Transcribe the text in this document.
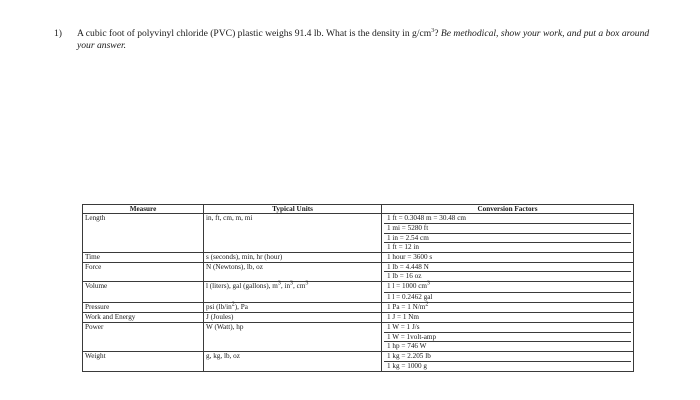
1) A cubic foot of polyvinyl chloride (PVC) plastic weighs 91.4 lb. What is the density in $g/cm^3$? Be methodical, show your work, and put a box around your answer.
Measure	Typical Units	Conversion Factors
Length	in, ft, cm, m, mi	1 ft = 0.3048 m = 30.48 cm
1 mi = 5280 ft
1 in = 2.54 cm
1 ft = 12 in

Time	s (seconds), min, hr (hour)	1 hour = 3600 s

Force	N (Newtons), lb, oz	1 lb = 4.448 N
1 lb = 16 oz

Volume	l (liters), gal (gallons), $m^3$, $in^3$, $cm^3$	1 l = 1000 $cm^3$
1 l = 0.2462 gal

Pressure	psi $(lb/in^2)$, Pa	1 Pa = 1 $N/m^2$

Work and Energy	J (Joules)	1 J = 1 Nm

Power	W (Watt), hp	1 W = 1 J/s
1 W = 1volt-amp
1 hp = 746 W

Weight	g, kg, lb, oz	1 kg = 2.205 lb
1 kg = 1000 g
